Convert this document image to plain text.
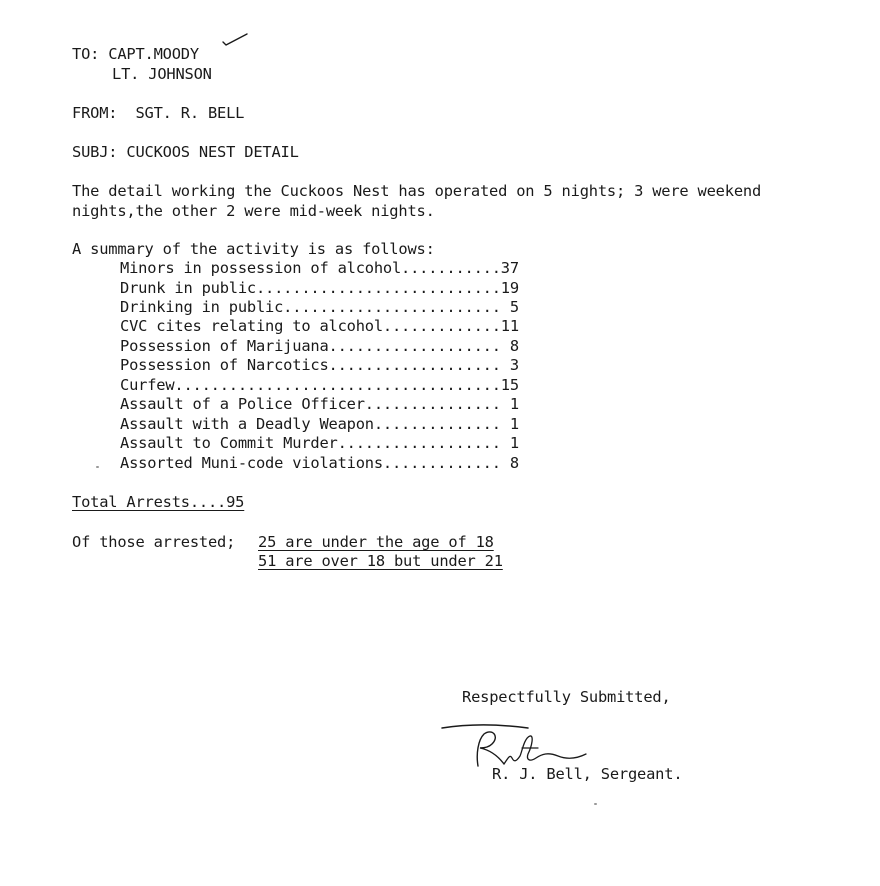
TO: CAPT.MOODY
LT. JOHNSON
FROM:  SGT. R. BELL
SUBJ: CUCKOOS NEST DETAIL
The detail working the Cuckoos Nest has operated on 5 nights; 3 were weekend
nights,the other 2 were mid-week nights.
A summary of the activity is as follows:
Minors in possession of alcohol...........37
Drunk in public...........................19
Drinking in public........................ 5
CVC cites relating to alcohol.............11
Possession of Marijuana................... 8
Possession of Narcotics................... 3
Curfew....................................15
Assault of a Police Officer............... 1
Assault with a Deadly Weapon.............. 1
Assault to Commit Murder.................. 1
Assorted Muni-code violations............. 8
Total Arrests....95
Of those arrested; 25 are under the age of 18
51 are over 18 but under 21
Respectfully Submitted,
R. J. Bell, Sergeant.
